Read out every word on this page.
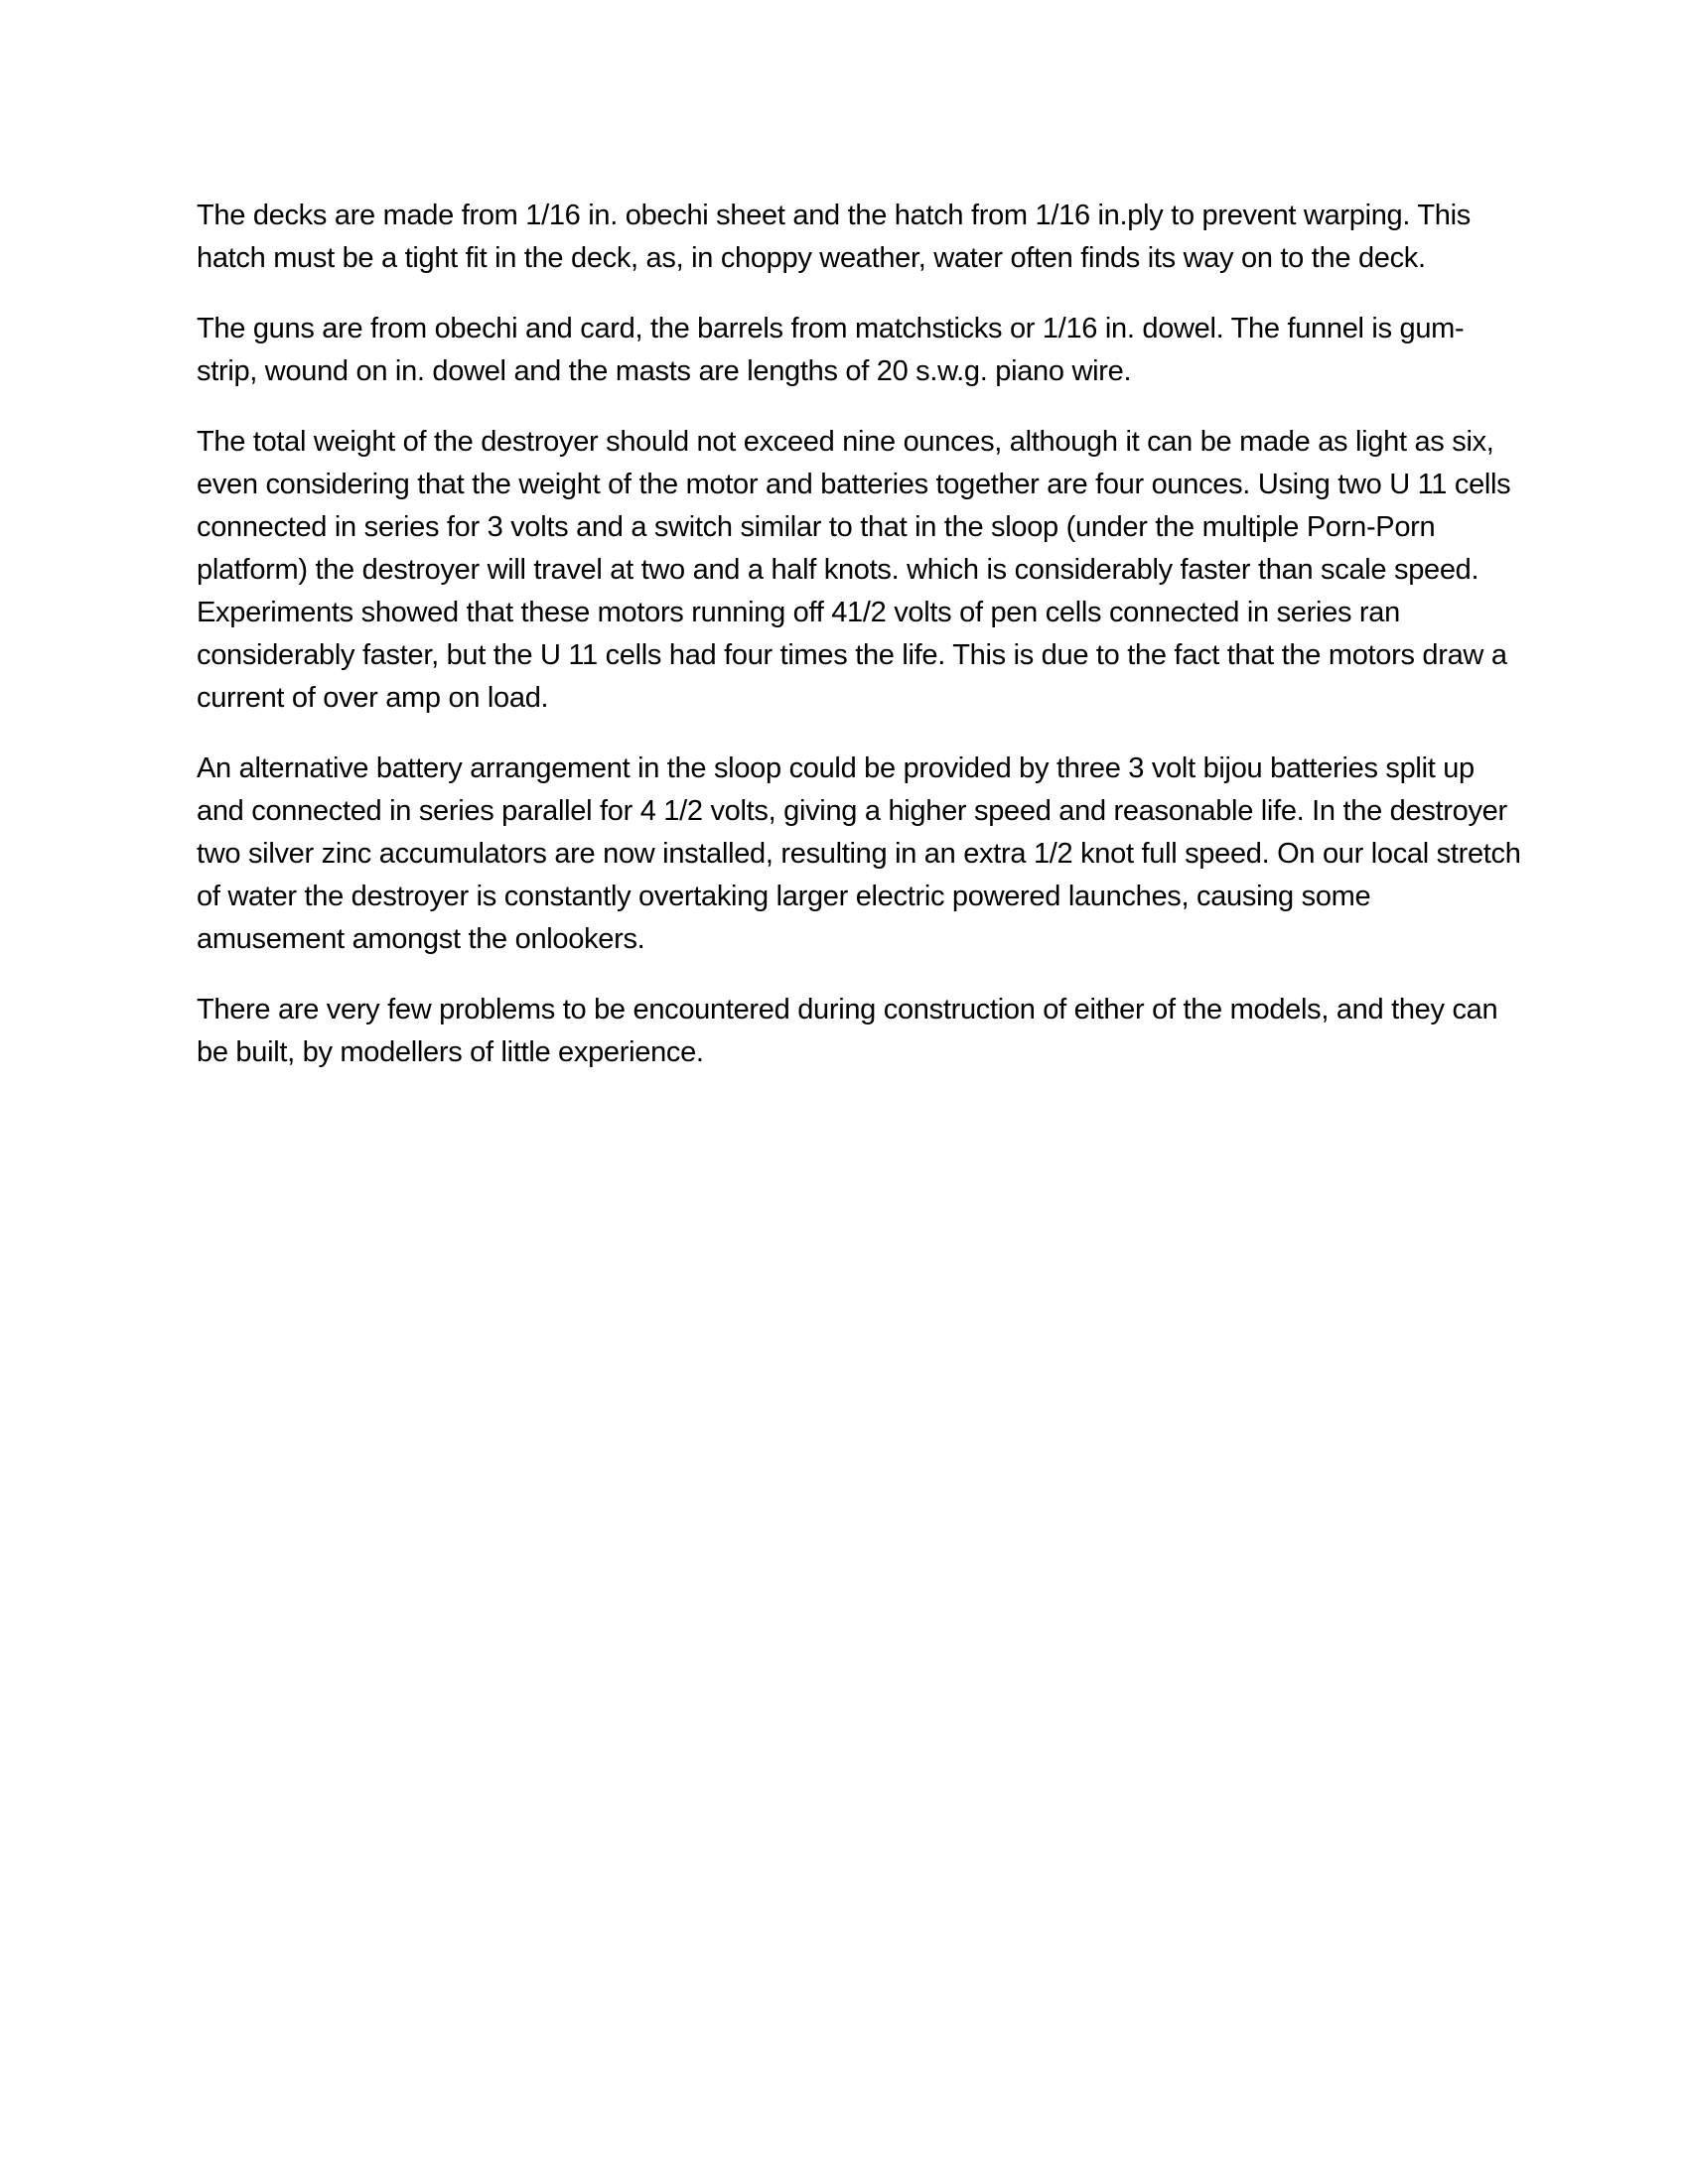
The decks are made from 1/16 in. obechi sheet and the hatch from 1/16 in.ply to prevent warping. This hatch must be a tight fit in the deck, as, in choppy weather, water often finds its way on to the deck.

The guns are from obechi and card, the barrels from matchsticks or 1/16 in. dowel. The funnel is gum-strip, wound on in. dowel and the masts are lengths of 20 s.w.g. piano wire.

The total weight of the destroyer should not exceed nine ounces, although it can be made as light as six, even considering that the weight of the motor and batteries together are four ounces. Using two U 11 cells connected in series for 3 volts and a switch similar to that in the sloop (under the multiple Porn-Porn platform) the destroyer will travel at two and a half knots. which is considerably faster than scale speed. Experiments showed that these motors running off 41/2 volts of pen cells connected in series ran considerably faster, but the U 11 cells had four times the life. This is due to the fact that the motors draw a current of over amp on load.

An alternative battery arrangement in the sloop could be provided by three 3 volt bijou batteries split up and connected in series parallel for 4 1/2 volts, giving a higher speed and reasonable life. In the destroyer two silver zinc accumulators are now installed, resulting in an extra 1/2 knot full speed. On our local stretch of water the destroyer is constantly overtaking larger electric powered launches, causing some amusement amongst the onlookers.

There are very few problems to be encountered during construction of either of the models, and they can be built, by modellers of little experience.
